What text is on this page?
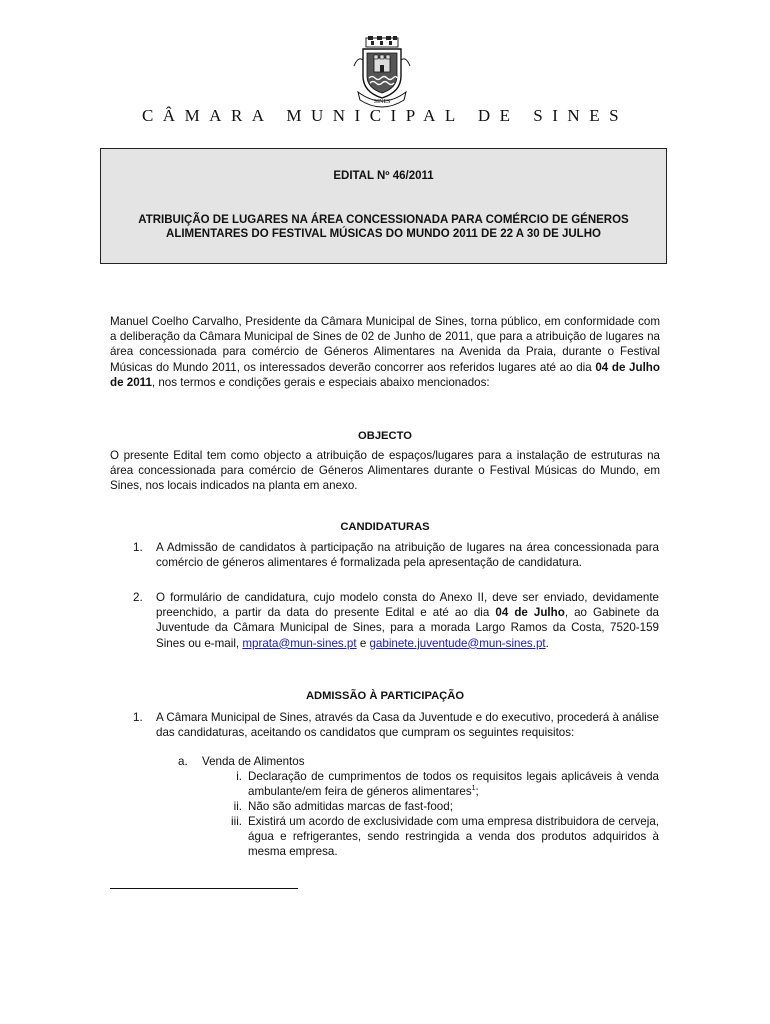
SINES
CÂMARA MUNICIPAL DE SINES
EDITAL Nº 46/2011
ATRIBUIÇÃO DE LUGARES NA ÁREA CONCESSIONADA PARA COMÉRCIO DE GÉNEROS ALIMENTARES DO FESTIVAL MÚSICAS DO MUNDO 2011 DE 22 A 30 DE JULHO
Manuel Coelho Carvalho, Presidente da Câmara Municipal de Sines, torna público, em conformidade com a deliberação da Câmara Municipal de Sines de 02 de Junho de 2011, que para a atribuição de lugares na área concessionada para comércio de Géneros Alimentares na Avenida da Praia, durante o Festival Músicas do Mundo 2011, os interessados deverão concorrer aos referidos lugares até ao dia 04 de Julho de 2011, nos termos e condições gerais e especiais abaixo mencionados:
OBJECTO
O presente Edital tem como objecto a atribuição de espaços/lugares para a instalação de estruturas na área concessionada para comércio de Géneros Alimentares durante o Festival Músicas do Mundo, em Sines, nos locais indicados na planta em anexo.
CANDIDATURAS
1. A Admissão de candidatos à participação na atribuição de lugares na área concessionada para comércio de géneros alimentares é formalizada pela apresentação de candidatura.
2. O formulário de candidatura, cujo modelo consta do Anexo II, deve ser enviado, devidamente preenchido, a partir da data do presente Edital e até ao dia 04 de Julho, ao Gabinete da Juventude da Câmara Municipal de Sines, para a morada Largo Ramos da Costa, 7520-159 Sines ou e-mail, mprata@mun-sines.pt e gabinete.juventude@mun-sines.pt.
ADMISSÃO À PARTICIPAÇÃO
1. A Câmara Municipal de Sines, através da Casa da Juventude e do executivo, procederá à análise das candidaturas, aceitando os candidatos que cumpram os seguintes requisitos:
a. Venda de Alimentos
i. Declaração de cumprimentos de todos os requisitos legais aplicáveis à venda ambulante/em feira de géneros alimentares$^1$;
ii. Não são admitidas marcas de fast-food;
iii. Existirá um acordo de exclusividade com uma empresa distribuidora de cerveja, água e refrigerantes, sendo restringida a venda dos produtos adquiridos à mesma empresa.
